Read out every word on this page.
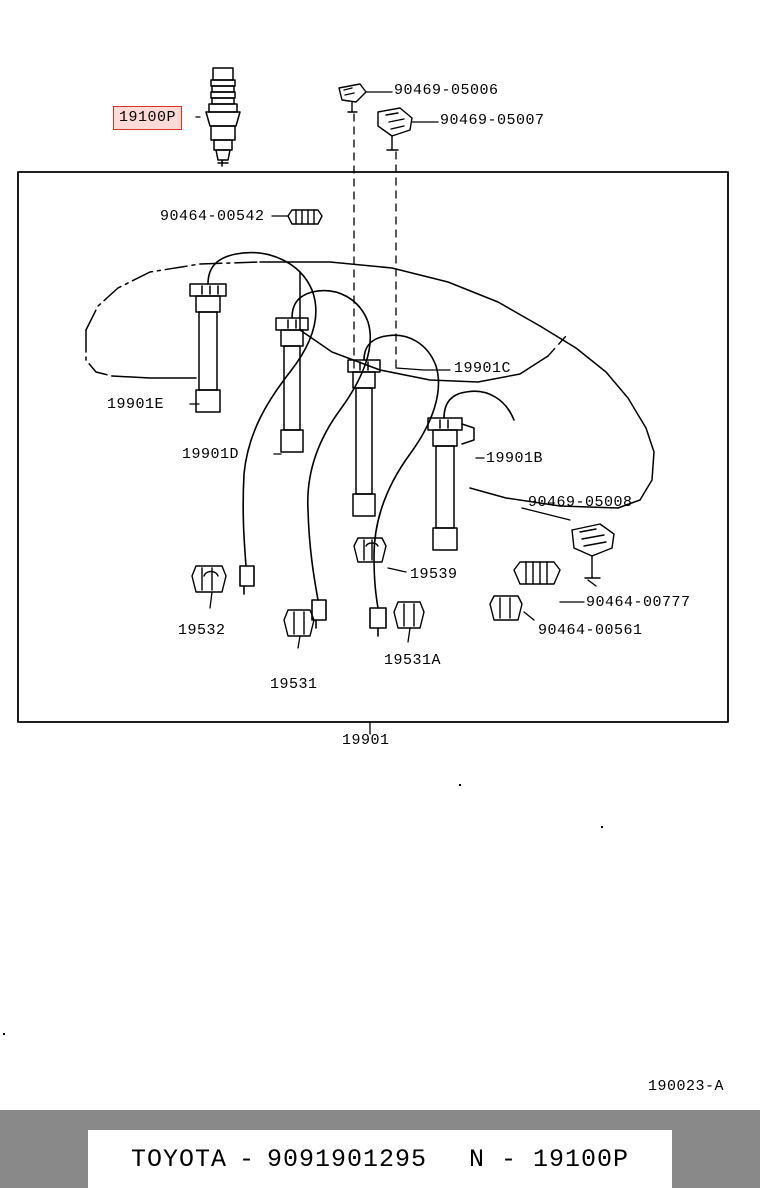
19100P
90469-05006
90469-05007
90464-00542
19901C
19901E
19901D	19901B
90469-05008
19539
19532
19531
19531A
90464-00777
90464-00561
19901
190023-A
TOYOTA - 9091901295 N - 19100P
